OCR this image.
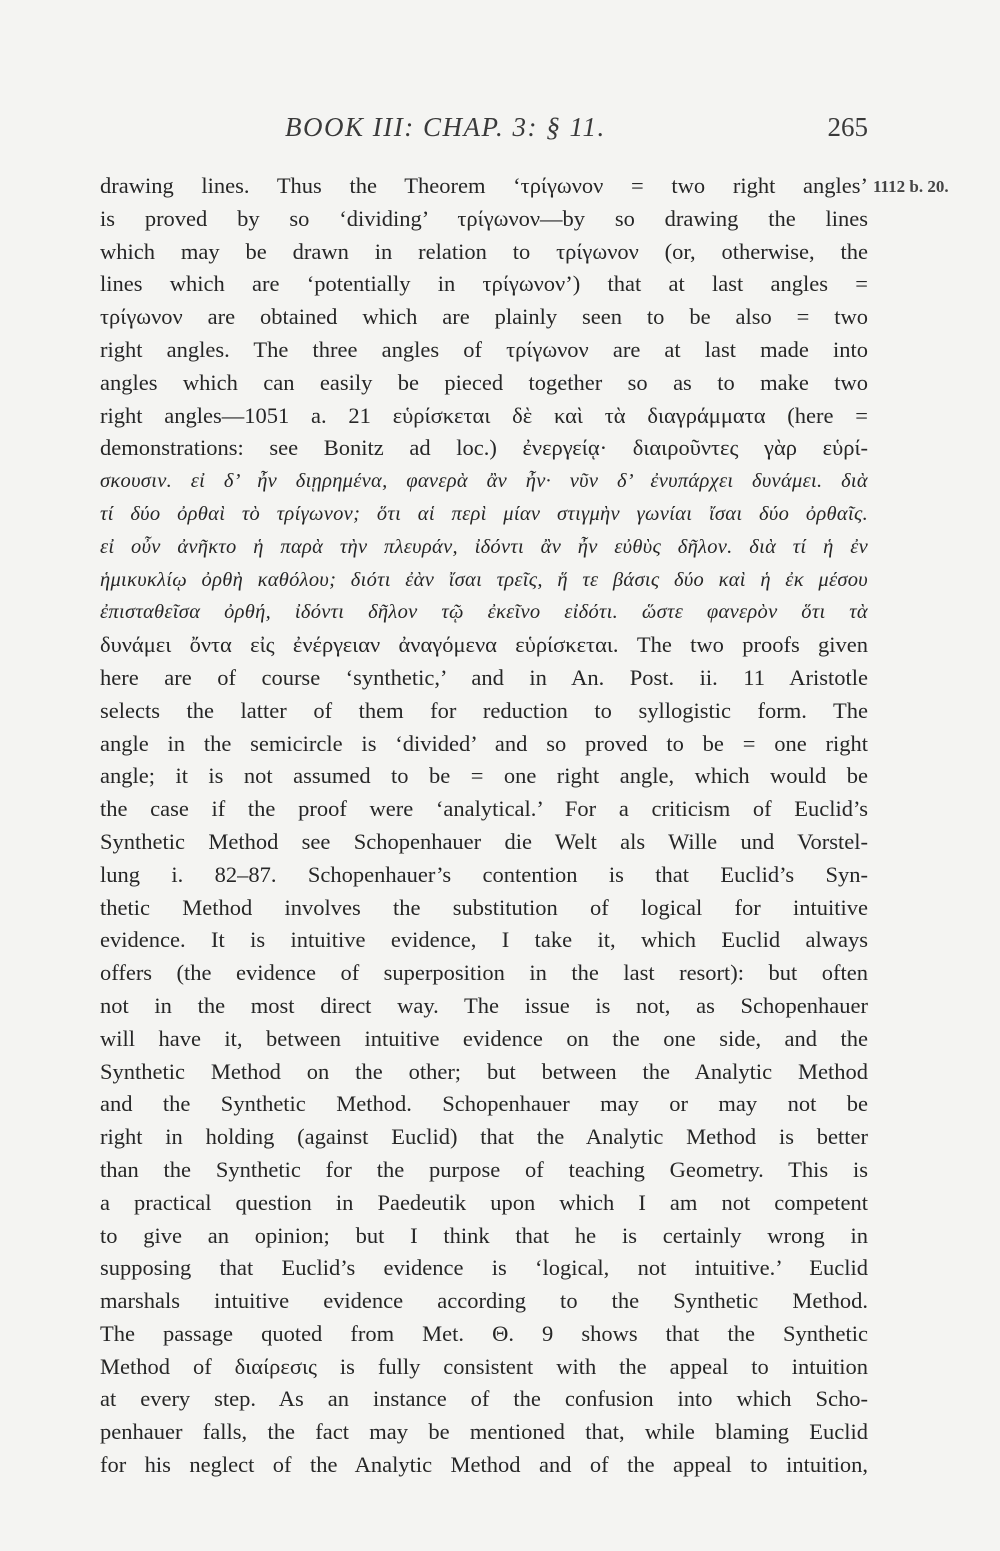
BOOK III: CHAP. 3: § 11.	265
1112 b. 20.
drawing lines. Thus the Theorem ‘τρίγωνον = two right angles’
is proved by so ‘dividing’ τρίγωνον—by so drawing the lines
which may be drawn in relation to τρίγωνον (or, otherwise, the
lines which are ‘potentially in τρίγωνον’) that at last angles =
τρίγωνον are obtained which are plainly seen to be also = two
right angles. The three angles of τρίγωνον are at last made into
angles which can easily be pieced together so as to make two
right angles—1051 a. 21 εὑρίσκεται δὲ καὶ τὰ διαγράμματα (here =
demonstrations: see Bonitz ad loc.) ἐνεργείᾳ· διαιροῦντες γὰρ εὑρί-
σκουσιν. εἰ δ’ ἦν διῃρημένα, φανερὰ ἂν ἦν· νῦν δ’ ἐνυπάρχει δυνάμει. διὰ
τί δύο ὀρθαὶ τὸ τρίγωνον; ὅτι αἱ περὶ μίαν στιγμὴν γωνίαι ἴσαι δύο ὀρθαῖς.
εἰ οὖν ἀνῆκτο ἡ παρὰ τὴν πλευράν, ἰδόντι ἂν ἦν εὐθὺς δῆλον. διὰ τί ἡ ἐν
ἡμικυκλίῳ ὀρθὴ καθόλου; διότι ἐὰν ἴσαι τρεῖς, ἥ τε βάσις δύο καὶ ἡ ἐκ μέσου
ἐπισταθεῖσα ὀρθή, ἰδόντι δῆλον τῷ ἐκεῖνο εἰδότι. ὥστε φανερὸν ὅτι τὰ
δυνάμει ὄντα εἰς ἐνέργειαν ἀναγόμενα εὑρίσκεται. The two proofs given
here are of course ‘synthetic,’ and in An. Post. ii. 11 Aristotle
selects the latter of them for reduction to syllogistic form. The
angle in the semicircle is ‘divided’ and so proved to be = one right
angle; it is not assumed to be = one right angle, which would be
the case if the proof were ‘analytical.’ For a criticism of Euclid’s
Synthetic Method see Schopenhauer die Welt als Wille und Vorstel-
lung i. 82–87. Schopenhauer’s contention is that Euclid’s Syn-
thetic Method involves the substitution of logical for intuitive
evidence. It is intuitive evidence, I take it, which Euclid always
offers (the evidence of superposition in the last resort): but often
not in the most direct way. The issue is not, as Schopenhauer
will have it, between intuitive evidence on the one side, and the
Synthetic Method on the other; but between the Analytic Method
and the Synthetic Method. Schopenhauer may or may not be
right in holding (against Euclid) that the Analytic Method is better
than the Synthetic for the purpose of teaching Geometry. This is
a practical question in Paedeutik upon which I am not competent
to give an opinion; but I think that he is certainly wrong in
supposing that Euclid’s evidence is ‘logical, not intuitive.’ Euclid
marshals intuitive evidence according to the Synthetic Method.
The passage quoted from Met. Θ. 9 shows that the Synthetic
Method of διαίρεσις is fully consistent with the appeal to intuition
at every step. As an instance of the confusion into which Scho-
penhauer falls, the fact may be mentioned that, while blaming Euclid
for his neglect of the Analytic Method and of the appeal to intuition,
